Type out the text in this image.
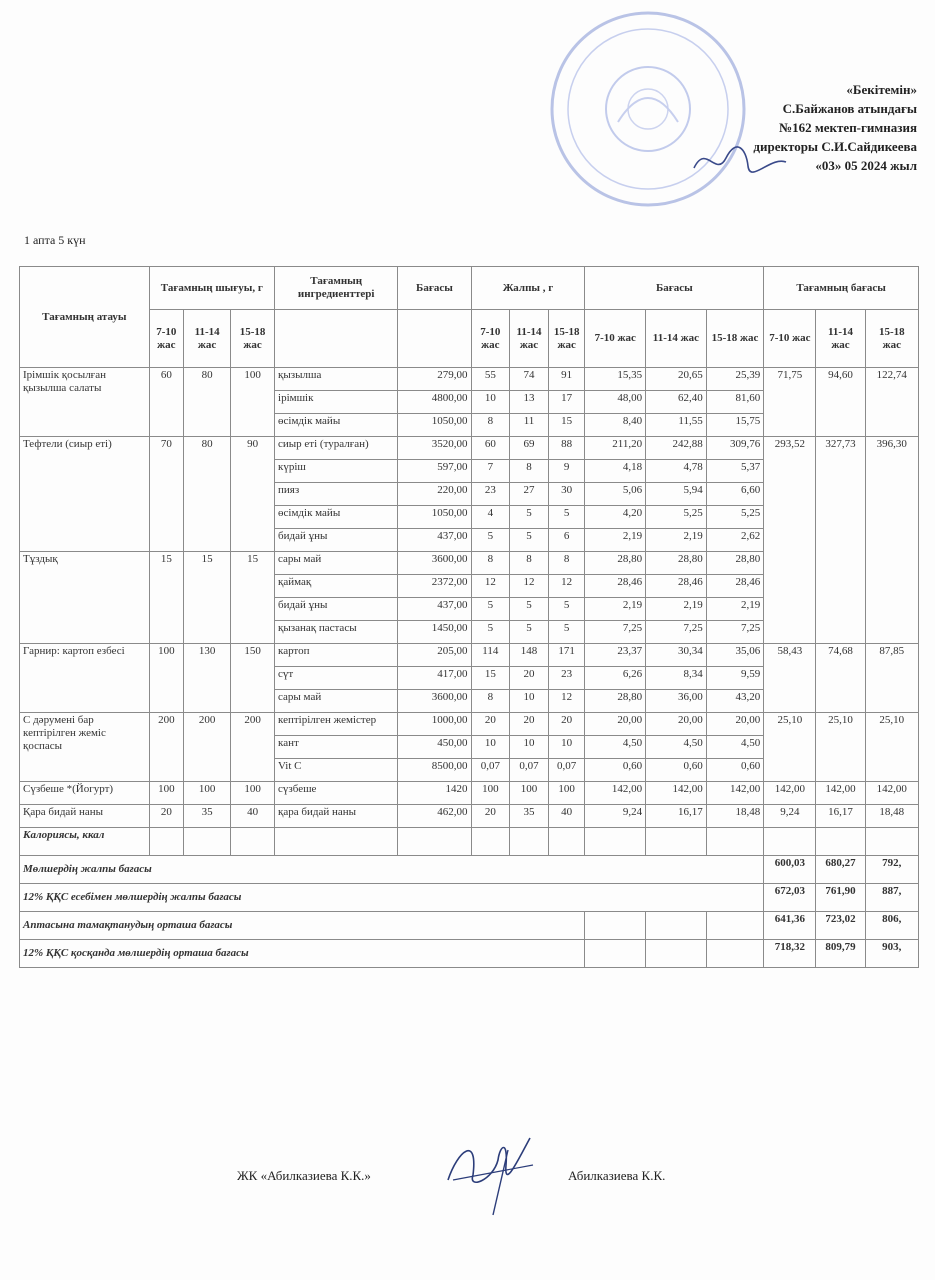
«Бекітемін»
С.Байжанов атындағы
№162 мектеп-гимназия
директоры С.И.Сайдикеева
«03» 05 2024 жыл
1 апта 5 күн
Тағамның атауы	Тағамның шығуы, г			Тағамның ингредиенттері	Бағасы	Жалпы , г			Бағасы			Тағамның бағасы		
	7-10 жас	11-14 жас	15-18 жас			7-10 жас	11-14 жас	15-18 жас	7-10 жас	11-14 жас	15-18 жас	7-10 жас	11-14 жас	15-18 жас
Ірімшік қосылған қызылша салаты	60	80	100	қызылша	279,00	55	74	91	15,35	20,65	25,39	71,75	94,60	122,74
				ірімшік	4800,00	10	13	17	48,00	62,40	81,60			
				өсімдік майы	1050,00	8	11	15	8,40	11,55	15,75			
Тефтели (сиыр еті)	70	80	90	сиыр еті (туралған)	3520,00	60	69	88	211,20	242,88	309,76	293,52	327,73	396,30
				күріш	597,00	7	8	9	4,18	4,78	5,37			
				пияз	220,00	23	27	30	5,06	5,94	6,60			
				өсімдік майы	1050,00	4	5	5	4,20	5,25	5,25			
				бидай ұны	437,00	5	5	6	2,19	2,19	2,62			
Тұздық	15	15	15	сары май	3600,00	8	8	8	28,80	28,80	28,80			
				қаймақ	2372,00	12	12	12	28,46	28,46	28,46			
				бидай ұны	437,00	5	5	5	2,19	2,19	2,19			
				қызанақ пастасы	1450,00	5	5	5	7,25	7,25	7,25			
Гарнир: картоп езбесі	100	130	150	картоп	205,00	114	148	171	23,37	30,34	35,06	58,43	74,68	87,85
				сүт	417,00	15	20	23	6,26	8,34	9,59			
				сары май	3600,00	8	10	12	28,80	36,00	43,20			
С дәрумені бар кептірілген жеміс қоспасы	200	200	200	кептірілген жемістер	1000,00	20	20	20	20,00	20,00	20,00	25,10	25,10	25,10
				кант	450,00	10	10	10	4,50	4,50	4,50			
				Vit C	8500,00	0,07	0,07	0,07	0,60	0,60	0,60			
Сүзбеше *(Йогурт)	100	100	100	сүзбеше	1420	100	100	100	142,00	142,00	142,00	142,00	142,00	142,00
Қара бидай наны	20	35	40	қара бидай наны	462,00	20	35	40	9,24	16,17	18,48	9,24	16,17	18,48
Калориясы, ккал														
Мөлшердің жалпы бағасы												600,03	680,27	792,
12% ҚҚС есебімен мөлшердің жалпы бағасы												672,03	761,90	887,
Аптасына тамақтанудың орташа бағасы												641,36	723,02	806,
12% ҚҚС қосқанда мөлшердің орташа бағасы												718,32	809,79	903,
ЖК «Абилказиева К.К.»	Абилказиева К.К.
